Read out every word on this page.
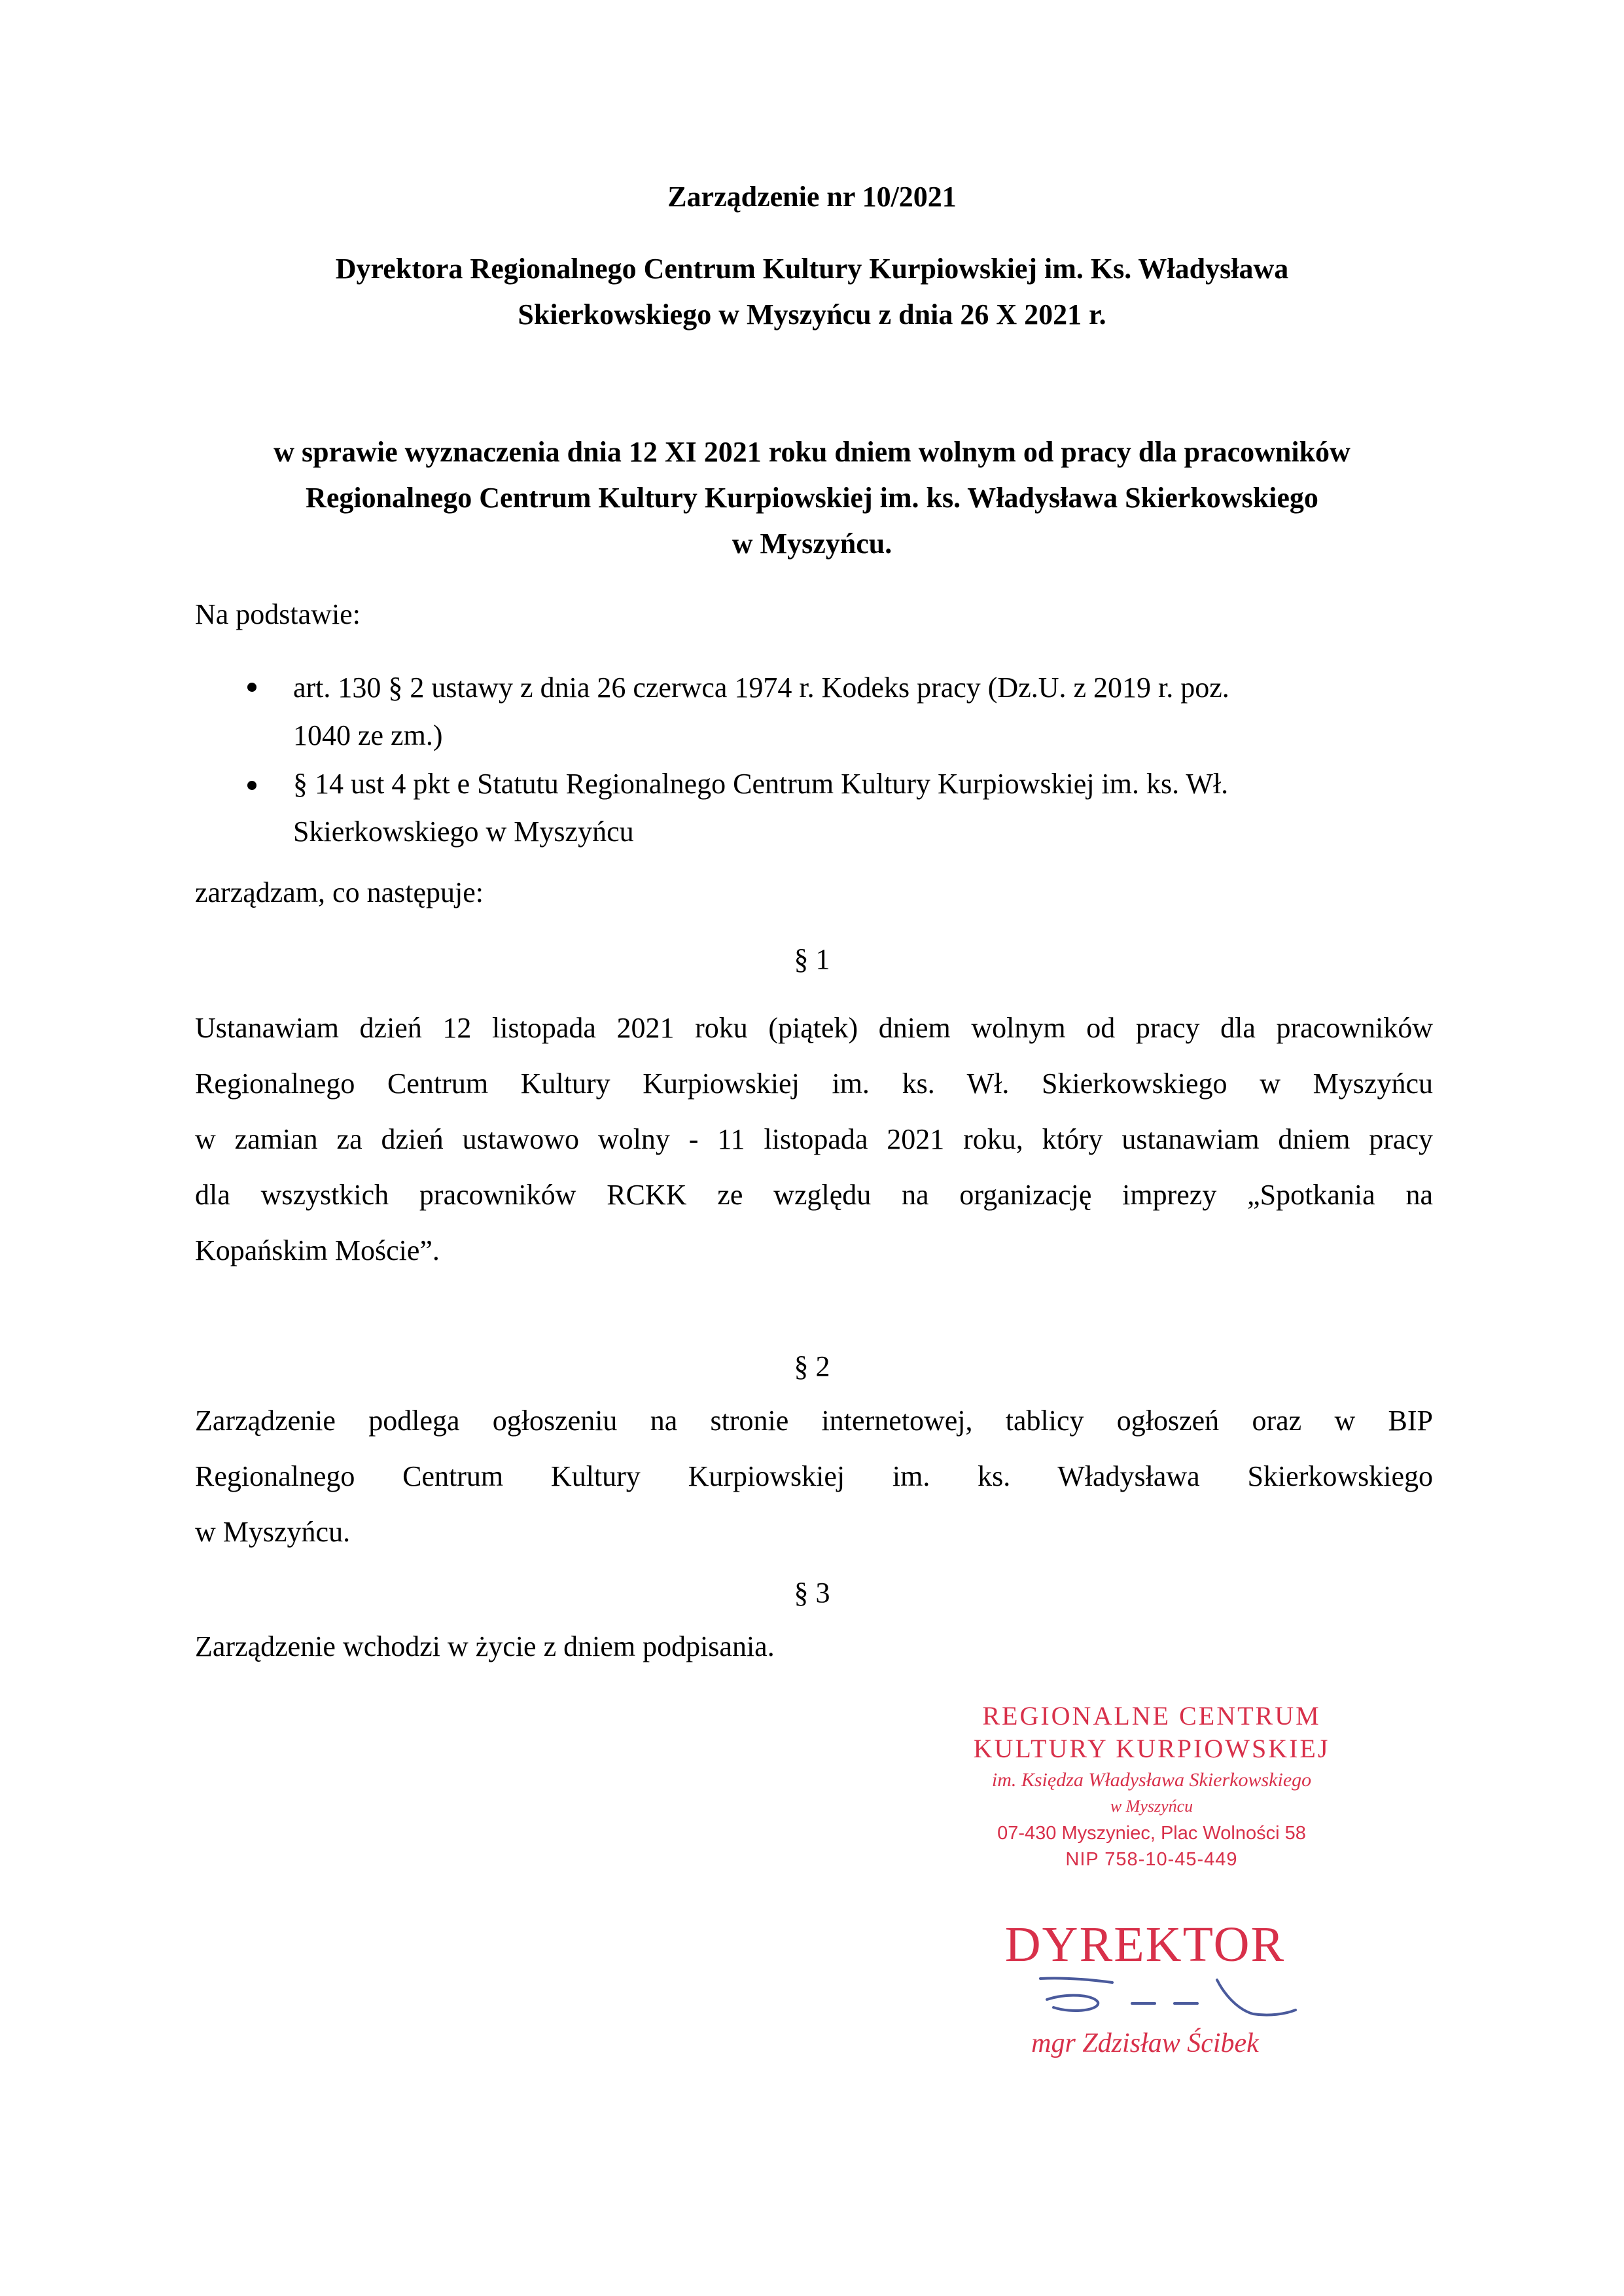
Zarządzenie nr 10/2021
Dyrektora Regionalnego Centrum Kultury Kurpiowskiej im. Ks. Władysława
Skierkowskiego w Myszyńcu z dnia 26 X 2021 r.
w sprawie wyznaczenia dnia 12 XI 2021 roku dniem wolnym od pracy dla pracowników
Regionalnego Centrum Kultury Kurpiowskiej im. ks. Władysława Skierkowskiego
w Myszyńcu.
Na podstawie:
art. 130 § 2 ustawy z dnia 26 czerwca 1974 r. Kodeks pracy (Dz.U. z 2019 r. poz.
1040 ze zm.)
§ 14 ust 4 pkt e Statutu Regionalnego Centrum Kultury Kurpiowskiej im. ks. Wł.
Skierkowskiego w Myszyńcu
zarządzam, co następuje:
§ 1
Ustanawiam dzień 12 listopada 2021 roku (piątek) dniem wolnym od pracy dla pracowników
Regionalnego Centrum Kultury Kurpiowskiej im. ks. Wł. Skierkowskiego w Myszyńcu
w zamian za dzień ustawowo wolny - 11 listopada 2021 roku, który ustanawiam dniem pracy
dla wszystkich pracowników RCKK ze względu na organizację imprezy „Spotkania na
Kopańskim Moście”.
§ 2
Zarządzenie podlega ogłoszeniu na stronie internetowej, tablicy ogłoszeń oraz w BIP
Regionalnego Centrum Kultury Kurpiowskiej im. ks. Władysława Skierkowskiego
w Myszyńcu.
§ 3
Zarządzenie wchodzi w życie z dniem podpisania.
REGIONALNE CENTRUM
KULTURY KURPIOWSKIEJ
im. Księdza Władysława Skierkowskiego
w Myszyńcu
07-430 Myszyniec, Plac Wolności 58
NIP 758-10-45-449
DYREKTOR
mgr Zdzisław Ścibek
